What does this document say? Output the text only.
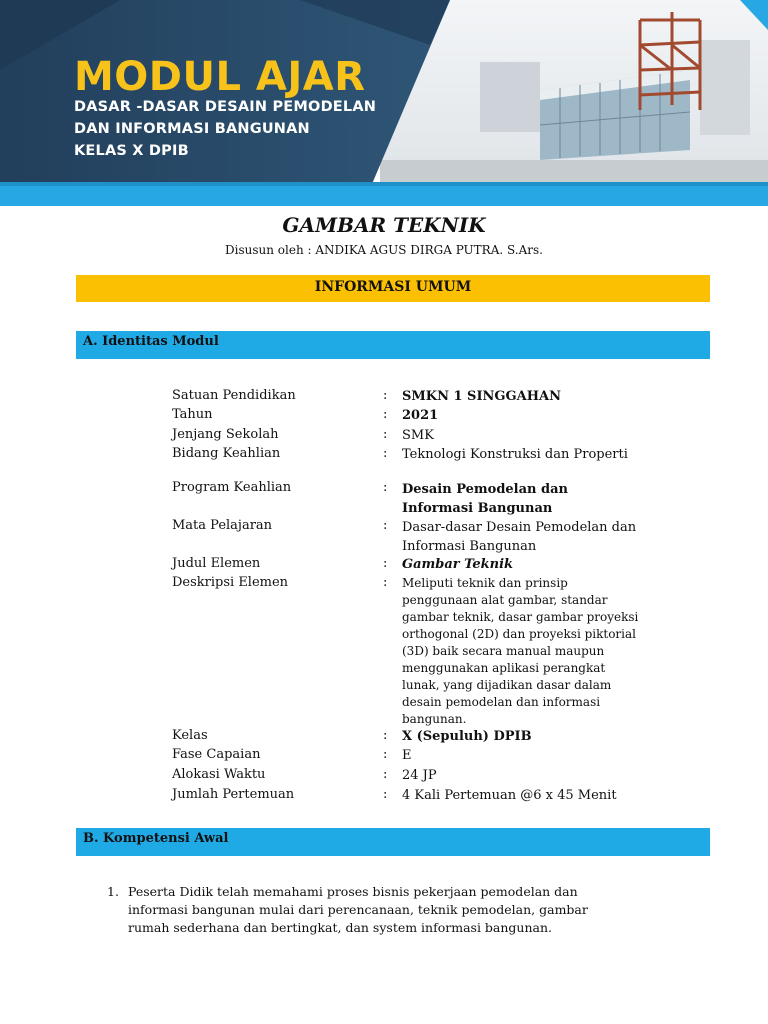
MODUL AJAR
DASAR -DASAR DESAIN PEMODELAN
DAN INFORMASI BANGUNAN
KELAS X DPIB
GAMBAR TEKNIK
Disusun oleh : ANDIKA AGUS DIRGA PUTRA. S.Ars.
INFORMASI UMUM
A. Identitas Modul
Satuan Pendidikan	: SMKN 1 SINGGAHAN
Tahun	: 2021
Jenjang Sekolah	: SMK
Bidang Keahlian	: Teknologi Konstruksi dan Properti
Program Keahlian	: Desain Pemodelan dan Informasi Bangunan
Mata Pelajaran	: Dasar-dasar Desain Pemodelan dan Informasi Bangunan
Judul Elemen	: Gambar Teknik
Deskripsi Elemen	: Meliputi teknik dan prinsip penggunaan alat gambar, standar gambar teknik, dasar gambar proyeksi orthogonal (2D) dan proyeksi piktorial (3D) baik secara manual maupun menggunakan aplikasi perangkat lunak, yang dijadikan dasar dalam desain pemodelan dan informasi bangunan.
Kelas	: X (Sepuluh) DPIB
Fase Capaian	: E
Alokasi Waktu	: 24 JP
Jumlah Pertemuan	: 4 Kali Pertemuan @6 x 45 Menit
B. Kompetensi Awal
1. Peserta Didik telah memahami proses bisnis pekerjaan pemodelan dan informasi bangunan mulai dari perencanaan, teknik pemodelan, gambar rumah sederhana dan bertingkat, dan system informasi bangunan.
